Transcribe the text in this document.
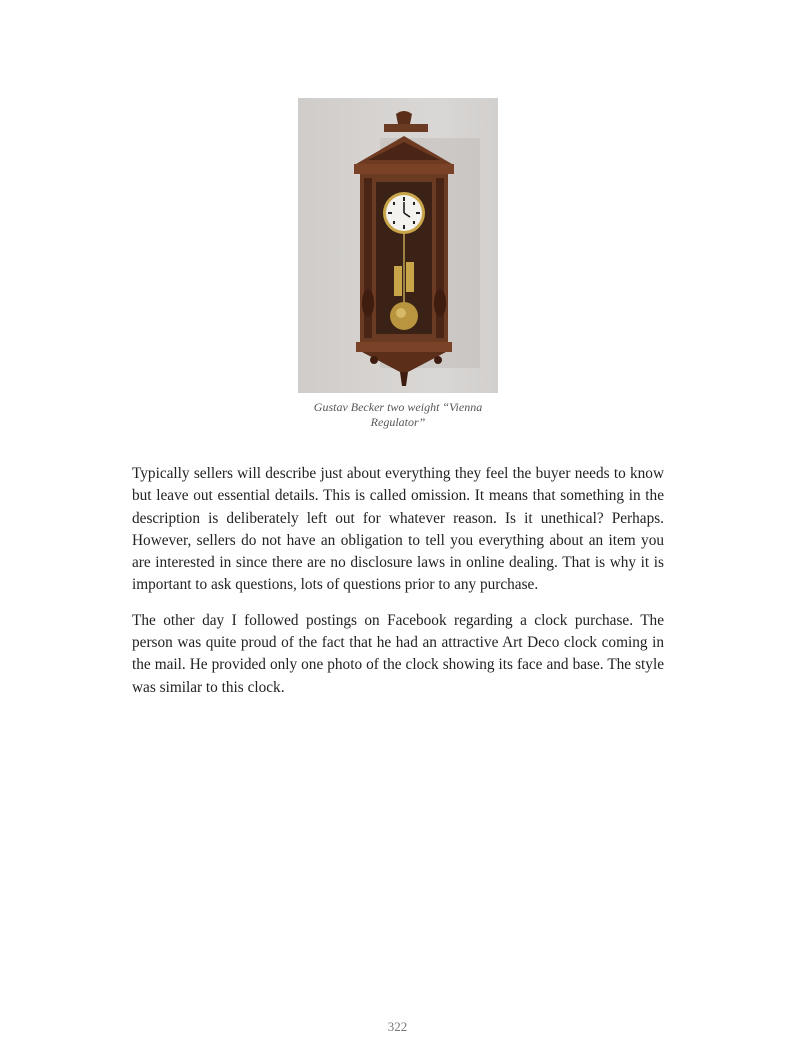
Gustav Becker two weight “Vienna Regulator”

Typically sellers will describe just about everything they feel the buyer needs to know but leave out essential details. This is called omission. It means that something in the description is deliberately left out for whatever reason. Is it unethical? Perhaps. However, sellers do not have an obligation to tell you everything about an item you are interested in since there are no disclosure laws in online dealing. That is why it is important to ask questions, lots of questions prior to any purchase.

The other day I followed postings on Facebook regarding a clock purchase. The person was quite proud of the fact that he had an attractive Art Deco clock coming in the mail. He provided only one photo of the clock showing its face and base. The style was similar to this clock.

322
